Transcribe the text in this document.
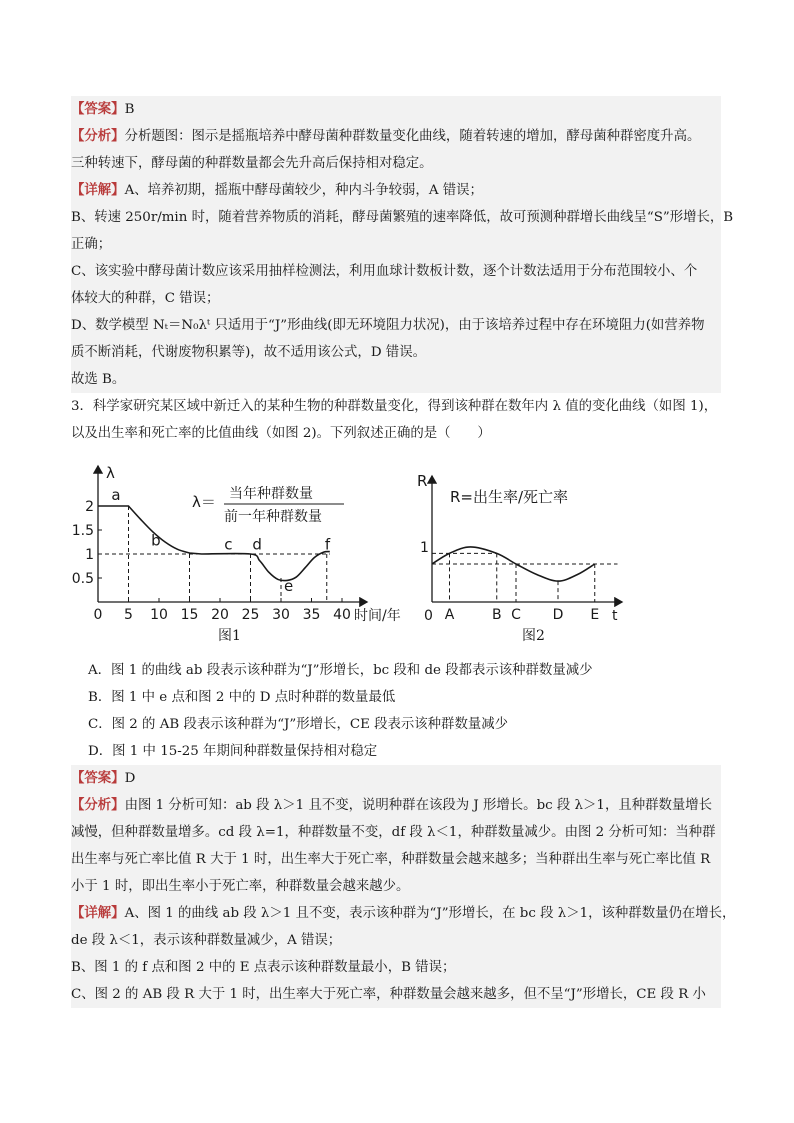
【答案】B
【分析】分析题图：图示是摇瓶培养中酵母菌种群数量变化曲线，随着转速的增加，酵母菌种群密度升高。
三种转速下，酵母菌的种群数量都会先升高后保持相对稳定。
【详解】A、培养初期，摇瓶中酵母菌较少，种内斗争较弱，A 错误；
B、转速 250r/min 时，随着营养物质的消耗，酵母菌繁殖的速率降低，故可预测种群增长曲线呈“S”形增长，B
正确；
C、该实验中酵母菌计数应该采用抽样检测法，利用血球计数板计数，逐个计数法适用于分布范围较小、个
体较大的种群，C 错误；
D、数学模型 Nₜ＝N₀λᵗ 只适用于“J”形曲线(即无环境阻力状况)，由于该培养过程中存在环境阻力(如营养物
质不断消耗，代谢废物积累等)，故不适用该公式，D 错误。
故选 B。
3．科学家研究某区域中新迁入的某种生物的种群数量变化，得到该种群在数年内 λ 值的变化曲线（如图 1)，
以及出生率和死亡率的比值曲线（如图 2)。下列叙述正确的是（　　）
λ
时间/年
0 5 10 15 20 25 30 35 40
0.5
1
1.5
2
a
b	c d
e
f
λ＝ 当年种群数量
前一年种群数量
图1
R
t
R=出生率/死亡率
1
0 A	B C D E
图2
A．图 1 的曲线 ab 段表示该种群为“J”形增长，bc 段和 de 段都表示该种群数量减少
B．图 1 中 e 点和图 2 中的 D 点时种群的数量最低
C．图 2 的 AB 段表示该种群为“J”形增长，CE 段表示该种群数量减少
D．图 1 中 15-25 年期间种群数量保持相对稳定
【答案】D
【分析】由图 1 分析可知：ab 段 λ＞1 且不变，说明种群在该段为 J 形增长。bc 段 λ＞1，且种群数量增长
减慢，但种群数量增多。cd 段 λ=1，种群数量不变，df 段 λ＜1，种群数量减少。由图 2 分析可知：当种群
出生率与死亡率比值 R 大于 1 时，出生率大于死亡率，种群数量会越来越多；当种群出生率与死亡率比值 R
小于 1 时，即出生率小于死亡率，种群数量会越来越少。
【详解】A、图 1 的曲线 ab 段 λ＞1 且不变，表示该种群为“J”形增长，在 bc 段 λ＞1，该种群数量仍在增长，
de 段 λ＜1，表示该种群数量减少，A 错误；
B、图 1 的 f 点和图 2 中的 E 点表示该种群数量最小，B 错误；
C、图 2 的 AB 段 R 大于 1 时，出生率大于死亡率，种群数量会越来越多，但不呈“J”形增长，CE 段 R 小
